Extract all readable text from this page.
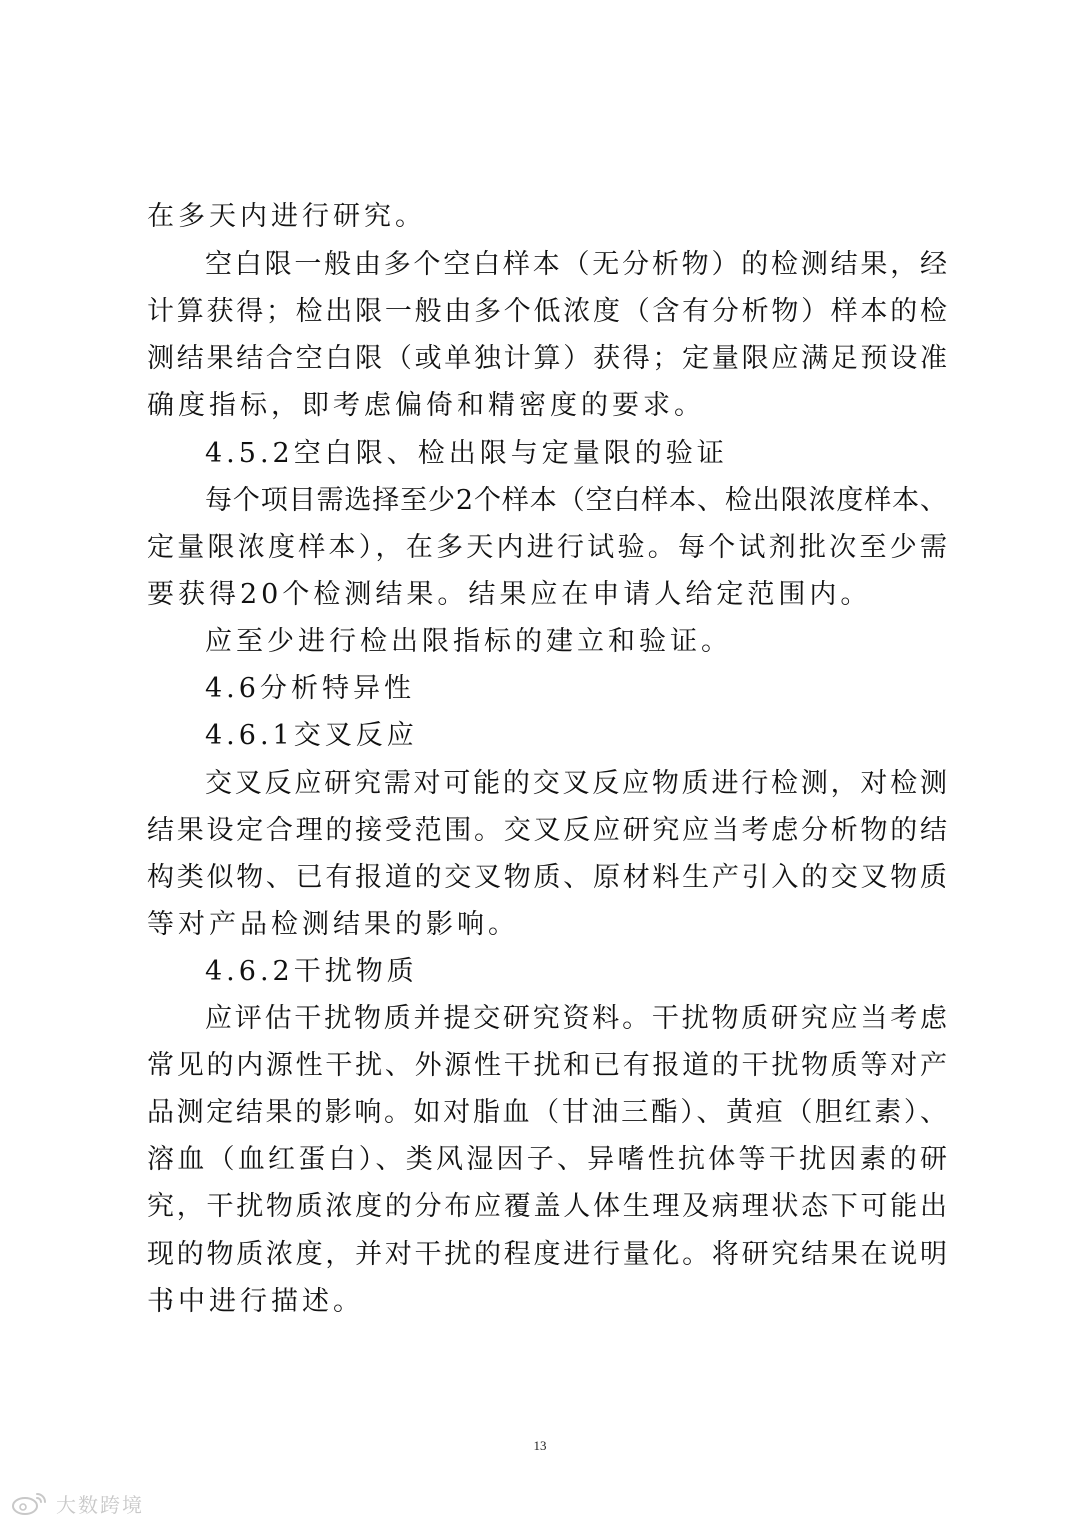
在多天内进行研究。
空白限一般由多个空白样本（无分析物）的检测结果，经
计算获得；检出限一般由多个低浓度（含有分析物）样本的检
测结果结合空白限（或单独计算）获得；定量限应满足预设准
确度指标，即考虑偏倚和精密度的要求。
4.5.2空白限、检出限与定量限的验证
每个项目需选择至少2个样本（空白样本、检出限浓度样本、
定量限浓度样本），在多天内进行试验。每个试剂批次至少需
要获得20个检测结果。结果应在申请人给定范围内。
应至少进行检出限指标的建立和验证。
4.6分析特异性
4.6.1交叉反应
交叉反应研究需对可能的交叉反应物质进行检测，对检测
结果设定合理的接受范围。交叉反应研究应当考虑分析物的结
构类似物、已有报道的交叉物质、原材料生产引入的交叉物质
等对产品检测结果的影响。
4.6.2干扰物质
应评估干扰物质并提交研究资料。干扰物质研究应当考虑
常见的内源性干扰、外源性干扰和已有报道的干扰物质等对产
品测定结果的影响。如对脂血（甘油三酯）、黄疸（胆红素）、
溶血（血红蛋白）、类风湿因子、异嗜性抗体等干扰因素的研
究，干扰物质浓度的分布应覆盖人体生理及病理状态下可能出
现的物质浓度，并对干扰的程度进行量化。将研究结果在说明
书中进行描述。
13
大数跨境
